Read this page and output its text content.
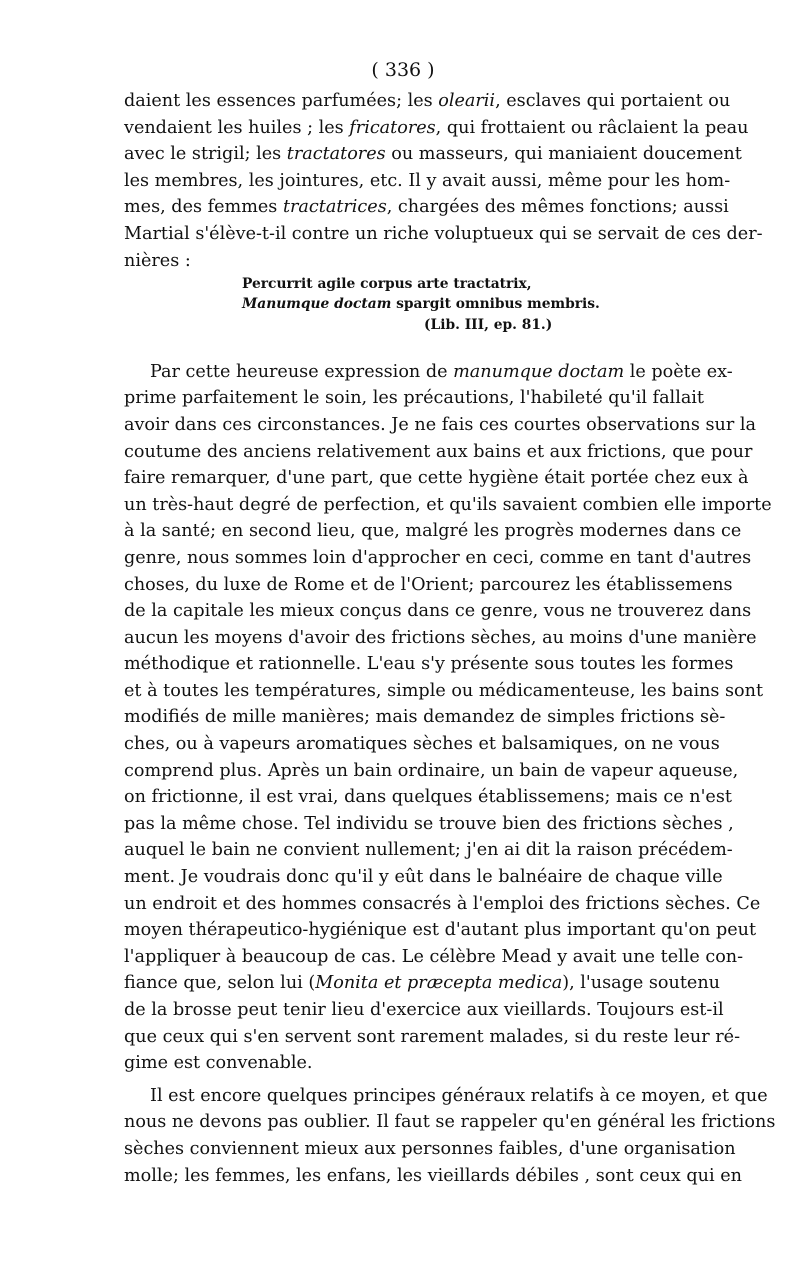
( 336 )

daient les essences parfumées; les olearii, esclaves qui portaient ou
vendaient les huiles ; les fricatores, qui frottaient ou râclaient la peau
avec le strigil; les tractatores ou masseurs, qui maniaient doucement
les membres, les jointures, etc. Il y avait aussi, même pour les hom-
mes, des femmes tractatrices, chargées des mêmes fonctions; aussi
Martial s'élève-t-il contre un riche voluptueux qui se servait de ces der-
nières :

Percurrit agile corpus arte tractatrix,
Manumque doctam spargit omnibus membris.
(Lib. III, ep. 81.)

Par cette heureuse expression de manumque doctam le poète ex-
prime parfaitement le soin, les précautions, l'habileté qu'il fallait
avoir dans ces circonstances. Je ne fais ces courtes observations sur la
coutume des anciens relativement aux bains et aux frictions, que pour
faire remarquer, d'une part, que cette hygiène était portée chez eux à
un très-haut degré de perfection, et qu'ils savaient combien elle importe
à la santé; en second lieu, que, malgré les progrès modernes dans ce
genre, nous sommes loin d'approcher en ceci, comme en tant d'autres
choses, du luxe de Rome et de l'Orient; parcourez les établissemens
de la capitale les mieux conçus dans ce genre, vous ne trouverez dans
aucun les moyens d'avoir des frictions sèches, au moins d'une manière
méthodique et rationnelle. L'eau s'y présente sous toutes les formes
et à toutes les températures, simple ou médicamenteuse, les bains sont
modifiés de mille manières; mais demandez de simples frictions sè-
ches, ou à vapeurs aromatiques sèches et balsamiques, on ne vous
comprend plus. Après un bain ordinaire, un bain de vapeur aqueuse,
on frictionne, il est vrai, dans quelques établissemens; mais ce n'est
pas la même chose. Tel individu se trouve bien des frictions sèches ,
auquel le bain ne convient nullement; j'en ai dit la raison précédem-
ment. Je voudrais donc qu'il y eût dans le balnéaire de chaque ville
un endroit et des hommes consacrés à l'emploi des frictions sèches. Ce
moyen thérapeutico-hygiénique est d'autant plus important qu'on peut
l'appliquer à beaucoup de cas. Le célèbre Mead y avait une telle con-
fiance que, selon lui (Monita et præcepta medica), l'usage soutenu
de la brosse peut tenir lieu d'exercice aux vieillards. Toujours est-il
que ceux qui s'en servent sont rarement malades, si du reste leur ré-
gime est convenable.

Il est encore quelques principes généraux relatifs à ce moyen, et que
nous ne devons pas oublier. Il faut se rappeler qu'en général les frictions
sèches conviennent mieux aux personnes faibles, d'une organisation
molle; les femmes, les enfans, les vieillards débiles , sont ceux qui en
